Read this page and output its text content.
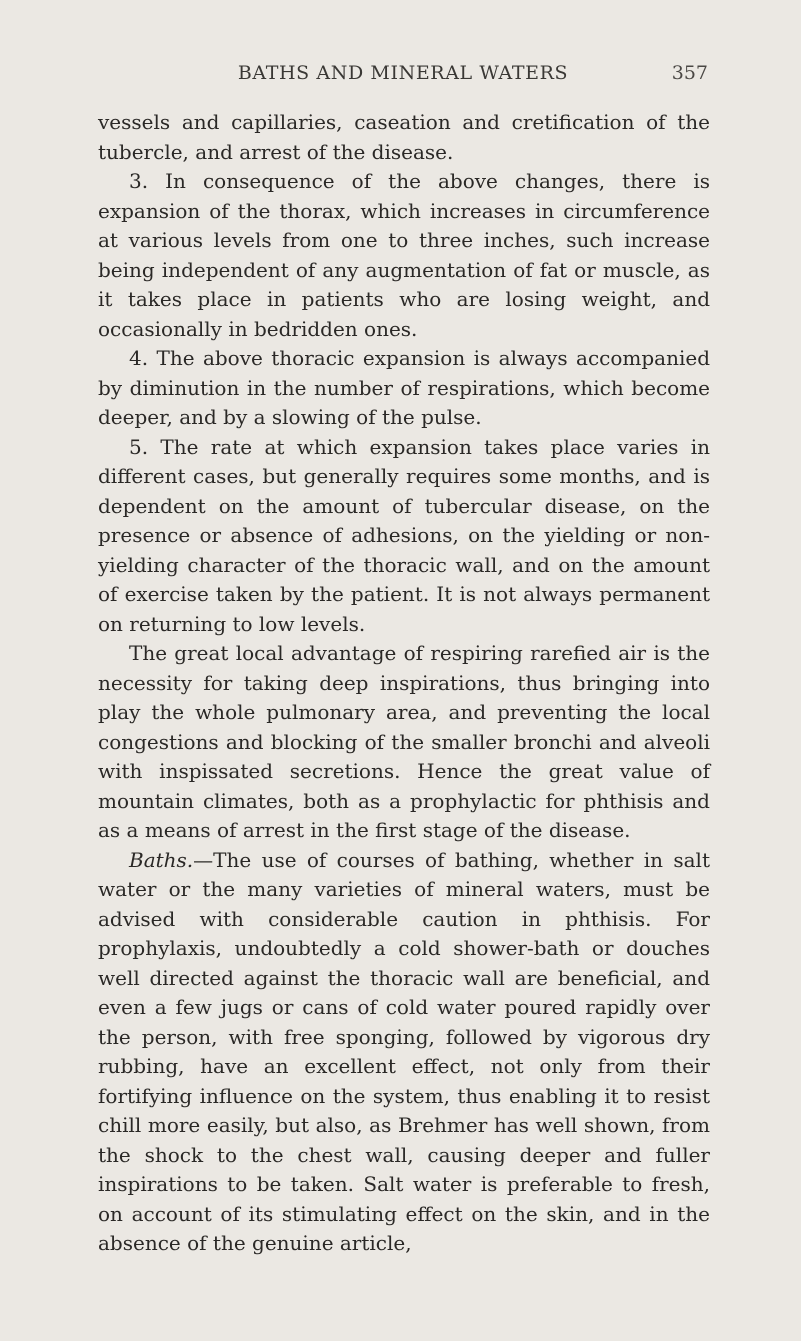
BATHS AND MINERAL WATERS	357

vessels and capillaries, caseation and cretification of the tubercle, and arrest of the disease.

3. In consequence of the above changes, there is expansion of the thorax, which increases in circumference at various levels from one to three inches, such increase being independent of any augmentation of fat or muscle, as it takes place in patients who are losing weight, and occasionally in bedridden ones.

4. The above thoracic expansion is always accompanied by diminution in the number of respirations, which become deeper, and by a slowing of the pulse.

5. The rate at which expansion takes place varies in different cases, but generally requires some months, and is dependent on the amount of tubercular disease, on the presence or absence of adhesions, on the yielding or non-yielding character of the thoracic wall, and on the amount of exercise taken by the patient. It is not always permanent on returning to low levels.

The great local advantage of respiring rarefied air is the necessity for taking deep inspirations, thus bringing into play the whole pulmonary area, and preventing the local congestions and blocking of the smaller bronchi and alveoli with inspissated secretions. Hence the great value of mountain climates, both as a prophylactic for phthisis and as a means of arrest in the first stage of the disease.

Baths.—The use of courses of bathing, whether in salt water or the many varieties of mineral waters, must be advised with considerable caution in phthisis. For prophylaxis, undoubtedly a cold shower-bath or douches well directed against the thoracic wall are beneficial, and even a few jugs or cans of cold water poured rapidly over the person, with free sponging, followed by vigorous dry rubbing, have an excellent effect, not only from their fortifying influence on the system, thus enabling it to resist chill more easily, but also, as Brehmer has well shown, from the shock to the chest wall, causing deeper and fuller inspirations to be taken. Salt water is preferable to fresh, on account of its stimulating effect on the skin, and in the absence of the genuine article,
